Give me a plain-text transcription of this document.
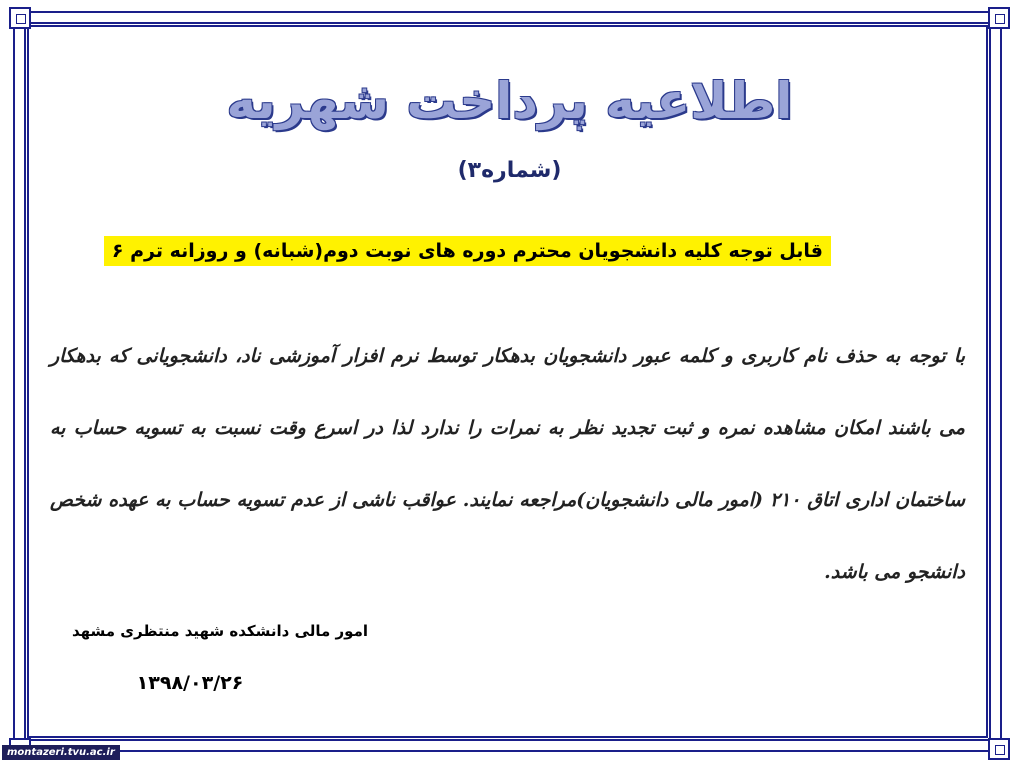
اطلاعیه پرداخت شهریه
(شماره۳)
قابل توجه کلیه دانشجویان محترم دوره های نوبت دوم(شبانه) و روزانه ترم ۶
با توجه به حذف نام کاربری و کلمه عبور دانشجویان بدهکار توسط نرم افزار آموزشی ناد، دانشجویانی که بدهکار می باشند امکان مشاهده نمره و ثبت تجدید نظر به نمرات را ندارد لذا در اسرع وقت نسبت به تسویه حساب به ساختمان اداری اتاق ۲۱۰ (امور مالی دانشجویان)مراجعه نمایند. عواقب ناشی از عدم تسویه حساب به عهده شخص دانشجو می باشد.
امور مالی دانشکده شهید منتظری مشهد
۱۳۹۸/۰۳/۲۶
montazeri.tvu.ac.ir
